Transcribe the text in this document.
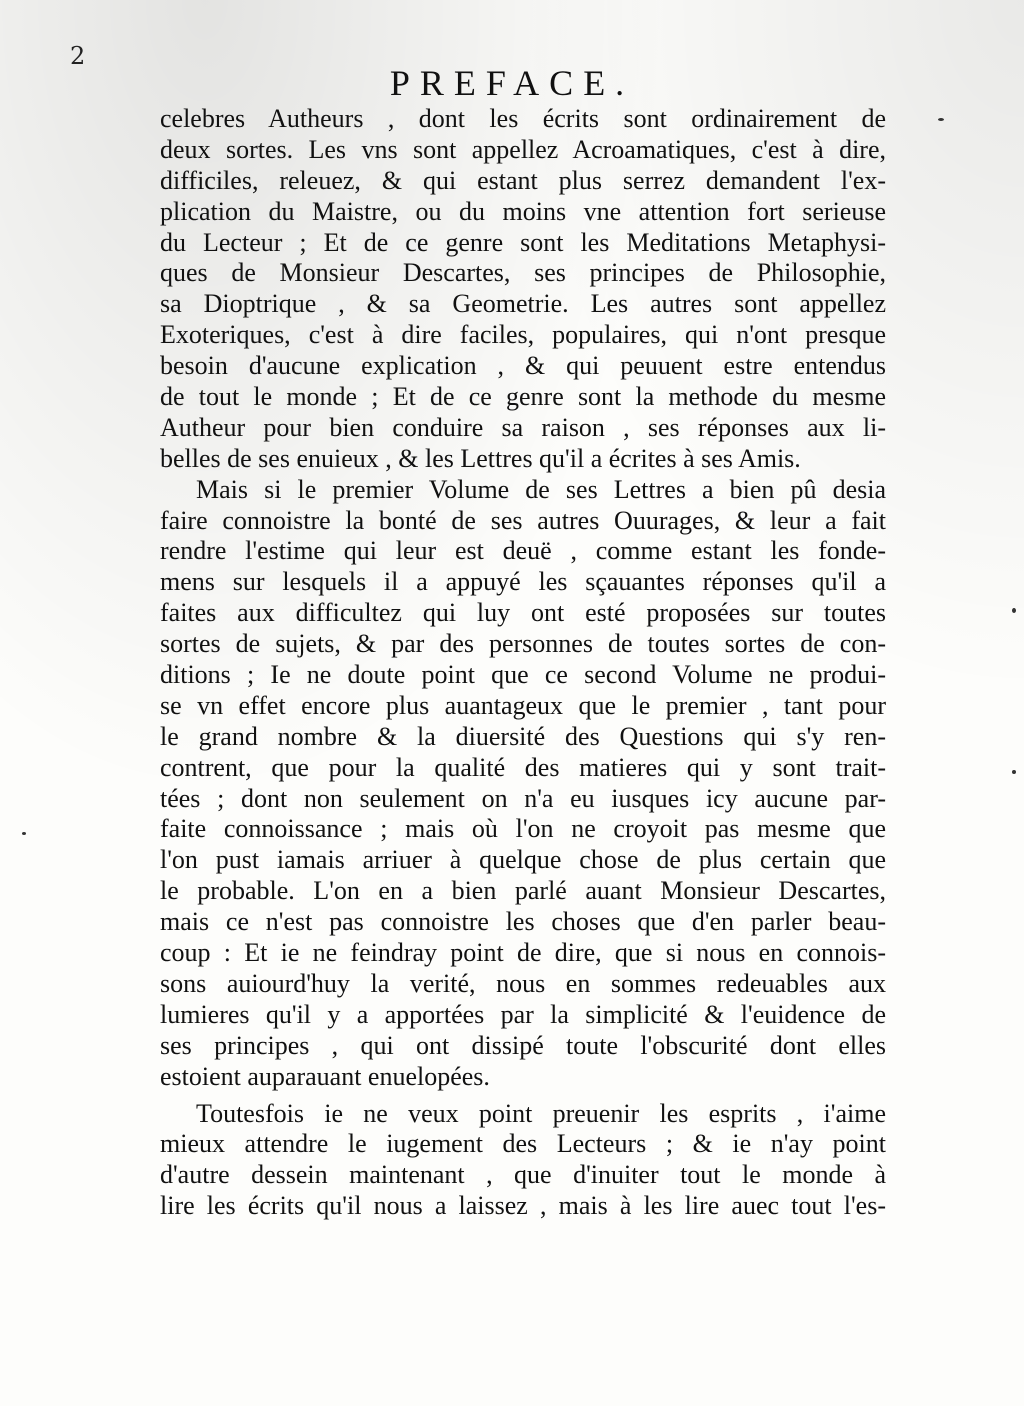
2
PREFACE.
celebres Autheurs , dont les écrits sont ordinairement de
deux sortes. Les vns sont appellez Acroamatiques, c'est à dire,
difficiles, releuez, & qui estant plus serrez demandent l'ex-
plication du Maistre, ou du moins vne attention fort serieuse
du Lecteur ; Et de ce genre sont les Meditations Metaphysi-
ques de Monsieur Descartes, ses principes de Philosophie,
sa Dioptrique , & sa Geometrie. Les autres sont appellez
Exoteriques, c'est à dire faciles, populaires, qui n'ont presque
besoin d'aucune explication , & qui peuuent estre entendus
de tout le monde ; Et de ce genre sont la methode du mesme
Autheur pour bien conduire sa raison , ses réponses aux li-
belles de ses enuieux , & les Lettres qu'il a écrites à ses Amis.
Mais si le premier Volume de ses Lettres a bien pû desia
faire connoistre la bonté de ses autres Ouurages, & leur a fait
rendre l'estime qui leur est deuë , comme estant les fonde-
mens sur lesquels il a appuyé les sçauantes réponses qu'il a
faites aux difficultez qui luy ont esté proposées sur toutes
sortes de sujets, & par des personnes de toutes sortes de con-
ditions ; Ie ne doute point que ce second Volume ne produi-
se vn effet encore plus auantageux que le premier , tant pour
le grand nombre & la diuersité des Questions qui s'y ren-
contrent, que pour la qualité des matieres qui y sont trait-
tées ; dont non seulement on n'a eu iusques icy aucune par-
faite connoissance ; mais où l'on ne croyoit pas mesme que
l'on pust iamais arriuer à quelque chose de plus certain que
le probable. L'on en a bien parlé auant Monsieur Descartes,
mais ce n'est pas connoistre les choses que d'en parler beau-
coup : Et ie ne feindray point de dire, que si nous en connois-
sons auiourd'huy la verité, nous en sommes redeuables aux
lumieres qu'il y a apportées par la simplicité & l'euidence de
ses principes , qui ont dissipé toute l'obscurité dont elles
estoient auparauant enuelopées.
Toutesfois ie ne veux point preuenir les esprits , i'aime
mieux attendre le iugement des Lecteurs ; & ie n'ay point
d'autre dessein maintenant , que d'inuiter tout le monde à
lire les écrits qu'il nous a laissez , mais à les lire auec tout l'es-
